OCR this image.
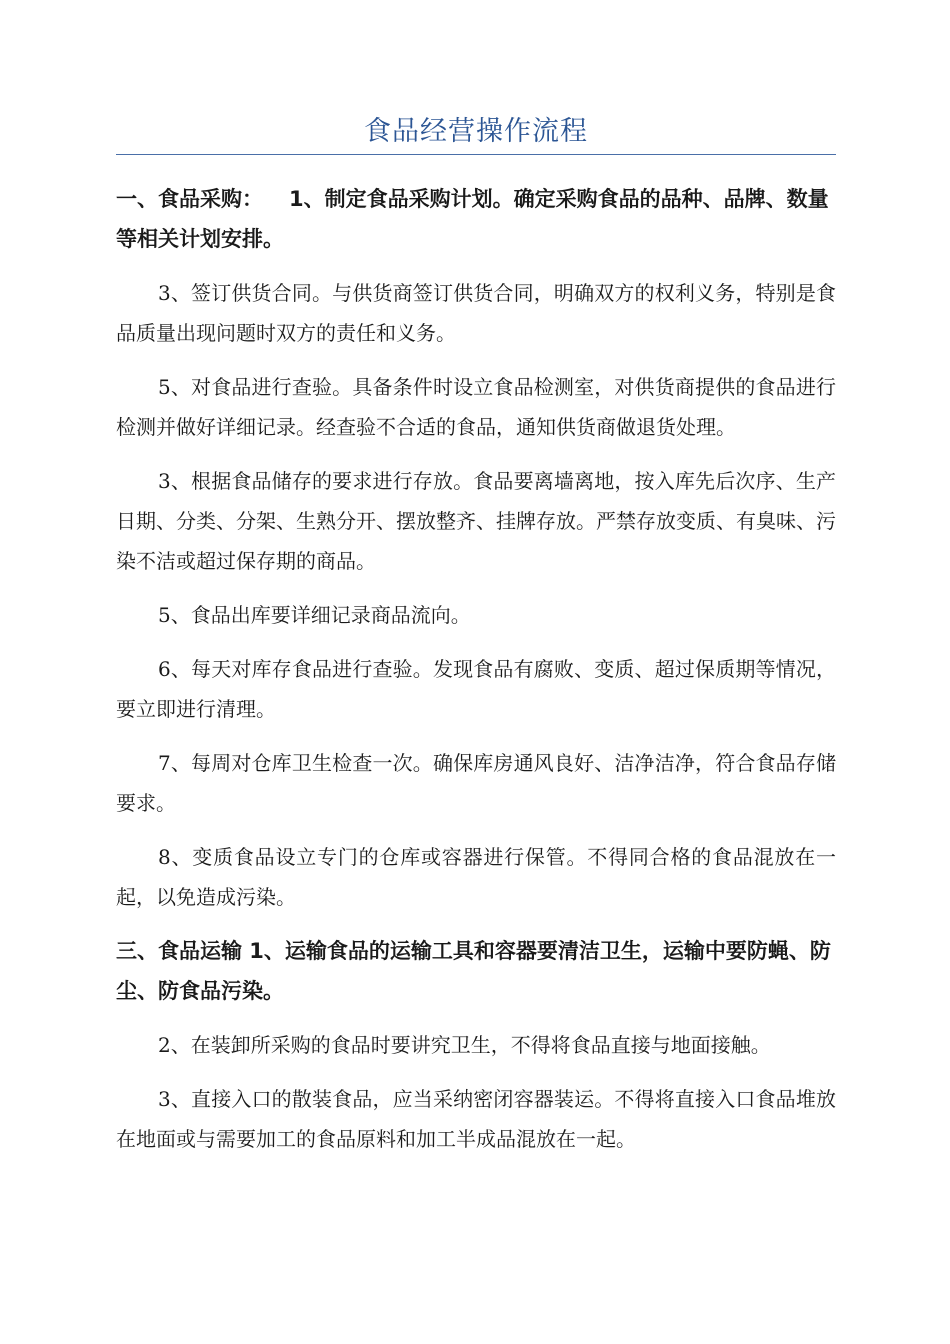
食品经营操作流程

一、食品采购： 1、制定食品采购计划。确定采购食品的品种、品牌、数量等相关计划安排。

3、签订供货合同。与供货商签订供货合同，明确双方的权利义务，特别是食品质量出现问题时双方的责任和义务。

5、对食品进行查验。具备条件时设立食品检测室，对供货商提供的食品进行检测并做好详细记录。经查验不合适的食品，通知供货商做退货处理。

3、根据食品储存的要求进行存放。食品要离墙离地，按入库先后次序、生产日期、分类、分架、生熟分开、摆放整齐、挂牌存放。严禁存放变质、有臭味、污染不洁或超过保存期的商品。

5、食品出库要详细记录商品流向。

6、每天对库存食品进行查验。发现食品有腐败、变质、超过保质期等情况，要立即进行清理。

7、每周对仓库卫生检查一次。确保库房通风良好、洁净洁净，符合食品存储要求。

8、变质食品设立专门的仓库或容器进行保管。不得同合格的食品混放在一起，以免造成污染。

三、食品运输 1、运输食品的运输工具和容器要清洁卫生，运输中要防蝇、防尘、防食品污染。

2、在装卸所采购的食品时要讲究卫生，不得将食品直接与地面接触。

3、直接入口的散装食品，应当采纳密闭容器装运。不得将直接入口食品堆放在地面或与需要加工的食品原料和加工半成品混放在一起。
